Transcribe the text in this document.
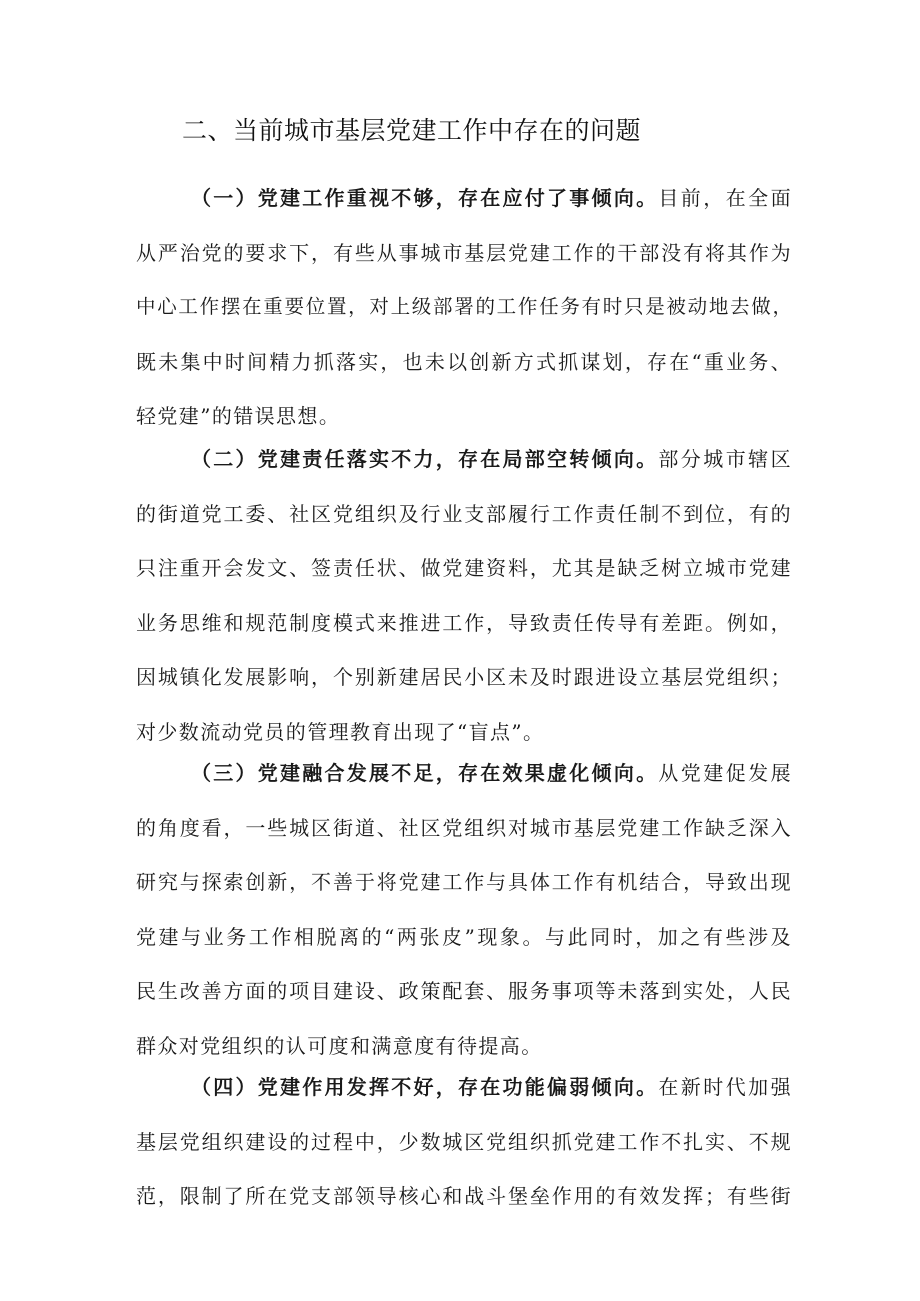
二、当前城市基层党建工作中存在的问题
（一）党建工作重视不够，存在应付了事倾向。目前，在全面
从严治党的要求下，有些从事城市基层党建工作的干部没有将其作为
中心工作摆在重要位置，对上级部署的工作任务有时只是被动地去做，
既未集中时间精力抓落实，也未以创新方式抓谋划，存在“重业务、
轻党建”的错误思想。
（二）党建责任落实不力，存在局部空转倾向。部分城市辖区
的街道党工委、社区党组织及行业支部履行工作责任制不到位，有的
只注重开会发文、签责任状、做党建资料，尤其是缺乏树立城市党建
业务思维和规范制度模式来推进工作，导致责任传导有差距。例如，
因城镇化发展影响，个别新建居民小区未及时跟进设立基层党组织；
对少数流动党员的管理教育出现了“盲点”。
（三）党建融合发展不足，存在效果虚化倾向。从党建促发展
的角度看，一些城区街道、社区党组织对城市基层党建工作缺乏深入
研究与探索创新，不善于将党建工作与具体工作有机结合，导致出现
党建与业务工作相脱离的“两张皮”现象。与此同时，加之有些涉及
民生改善方面的项目建设、政策配套、服务事项等未落到实处，人民
群众对党组织的认可度和满意度有待提高。
（四）党建作用发挥不好，存在功能偏弱倾向。在新时代加强
基层党组织建设的过程中，少数城区党组织抓党建工作不扎实、不规
范，限制了所在党支部领导核心和战斗堡垒作用的有效发挥；有些街
